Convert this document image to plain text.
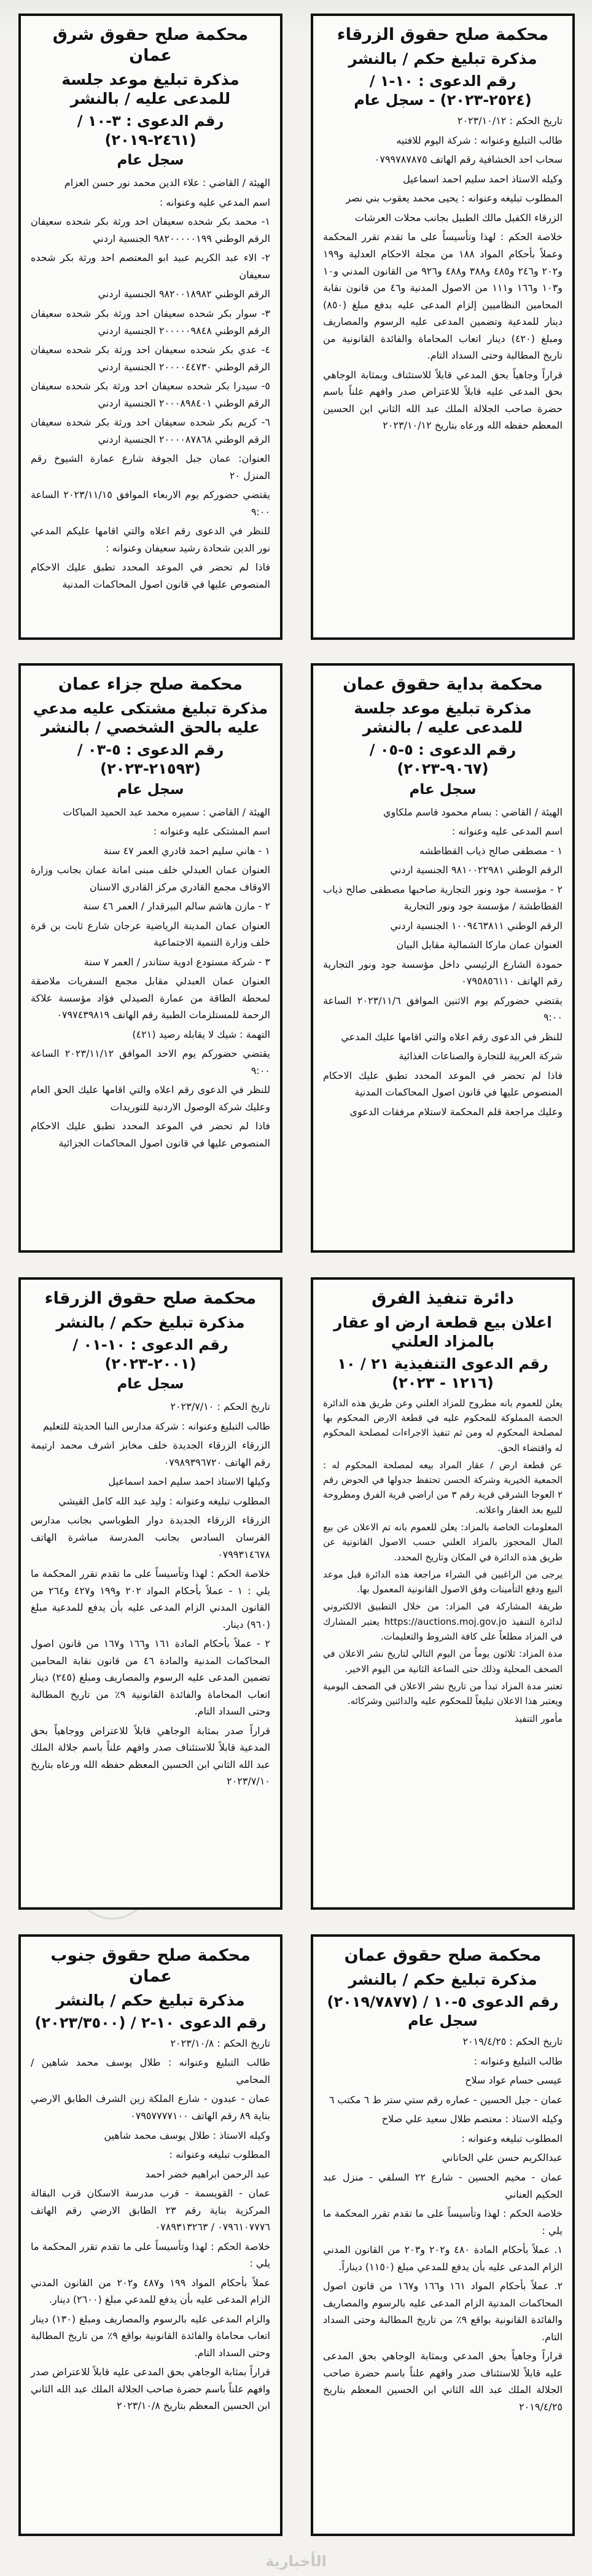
محكمة صلح حقوق الزرقاء
مذكرة تبليغ حكم / بالنشر
رقم الدعوى : ١٠-١ / (٢٥٢٤-٢٠٢٣) - سجل عام

تاريخ الحكم : ٢٠٢٣/١٠/١٢

طالب التبليغ وعنوانه : شركة اليوم للافتيه

سحاب احد الخشافية رقم الهاتف ٠٧٩٩٧٨٧٨٧٥

وكيله الاستاذ احمد سليم احمد اسماعيل

المطلوب تبليغه وعنوانه : يحيى محمد يعقوب بني نصر

الزرقاء الكفيل مالك الطبيل بجانب محلات العرشات

خلاصة الحكم : لهذا وتأسيساً على ما تقدم تقرر المحكمة وعملاً بأحكام المواد ١٨٨ من مجلة الاحكام العدلية و١٩٩ و٢٠٢ و٢٤٦ و٤٨٥ و٣٨٨ و٤٨٨ و٩٢٦ من القانون المدني و١٠ و١٠٣ و١٦٦ و١١١ من الاصول المدنية و٤٦ من قانون نقابة المحامين النظاميين إلزام المدعى عليه بدفع مبلغ (٨٥٠) دينار للمدعية وتضمين المدعى عليه الرسوم والمصاريف ومبلغ (٤٢٠) دينار اتعاب المحاماة والفائدة القانونية من تاريخ المطالبة وحتى السداد التام.

قراراً وجاهياً بحق المدعي قابلاً للاستئناف وبمثابة الوجاهي بحق المدعى عليه قابلاً للاعتراض صدر وافهم علناً باسم حضرة صاحب الجلالة الملك عبد الله الثاني ابن الحسين المعظم حفظه الله ورعاه بتاريخ ٢٠٢٣/١٠/١٢

محكمة صلح حقوق شرق عمان
مذكرة تبليغ موعد جلسة للمدعى عليه / بالنشر
رقم الدعوى : ٣-١٠ / (٢٤٦١-٢٠١٩)
سجل عام

الهيئة / القاضي : علاء الدين محمد نور حسن العزام

اسم المدعي عليه وعنوانه :

١- محمد بكر شحده سعيفان احد ورثة بكر شحده سعيفان الرقم الوطني ٩٨٢٠٠٠٠٠١٩٩ الجنسية اردني

٢- الاء عبد الكريم عبيد ابو المعتصم احد ورثة بكر شحده سعيفان

الرقم الوطني ٩٨٢٠٠١٨٩٨٢ الجنسية اردني

٣- سوار بكر شحده سعيفان احد ورثة بكر شحده سعيفان الرقم الوطني ٢٠٠٠٠٠٩٨٤٨ الجنسية اردني

٤- عدي بكر شحده سعيفان احد ورثة بكر شحده سعيفان الرقم الوطني ٢٠٠٠٠٤٤٧٣٠ الجنسية اردني

٥- سيدرا بكر شحده سعيفان احد ورثة بكر شحده سعيفان الرقم الوطني ٢٠٠٠٨٩٨٤٠١ الجنسية اردني

٦- كريم بكر شحده سعيفان احد ورثة بكر شحده سعيفان الرقم الوطني ٢٠٠٠٠٨٧٨٦٨ الجنسية اردني

العنوان: عمان جبل الجوفة شارع عمارة الشيوخ رقم المنزل ٢٠

يقتضي حضوركم يوم الاربعاء الموافق ٢٠٢٣/١١/١٥ الساعة ٩:٠٠

للنظر في الدعوى رقم اعلاه والتي اقامها عليكم المدعي نور الدين شحادة رشيد سعيفان وعنوانه :

فاذا لم تحضر في الموعد المحدد تطبق عليك الاحكام المنصوص عليها في قانون اصول المحاكمات المدنية

محكمة بداية حقوق عمان
مذكرة تبليغ موعد جلسة للمدعى عليه / بالنشر
رقم الدعوى : ٥-٠٥ / (٩٠٦٧-٢٠٢٣)
سجل عام

الهيئة / القاضي : بسام محمود قاسم ملكاوي

اسم المدعى عليه وعنوانه :

١ - مصطفى صالح ذياب القطاطشه

الرقم الوطني ٩٨١٠٠٢٢٩٨١ الجنسية اردني

٢ - مؤسسة جود ونور التجارية صاحبها مصطفى صالح ذياب القطاطشة / مؤسسة جود ونور التجارية

الرقم الوطني ١٠٠٩٤٦٣٨١١ الجنسية اردني

العنوان عمان ماركا الشمالية مقابل البيان

حمودة الشارع الرئيسي داخل مؤسسة جود ونور التجارية رقم الهاتف ٠٧٩٥٨٥٦١١٠

يقتضي حضوركم يوم الاثنين الموافق ٢٠٢٣/١١/٦ الساعة ٩:٠٠

للنظر في الدعوى رقم اعلاه والتي اقامها عليك المدعي

شركة العربية للتجارة والصناعات الغذائية

فاذا لم تحضر في الموعد المحدد تطبق عليك الاحكام المنصوص عليها في قانون اصول المحاكمات المدنية

وعليك مراجعة قلم المحكمة لاستلام مرفقات الدعوى

محكمة صلح جزاء عمان
مذكرة تبليغ مشتكى عليه مدعي عليه بالحق الشخصي / بالنشر
رقم الدعوى : ٥-٠٣ / (٢١٥٩٣-٢٠٢٣)
سجل عام

الهيئة / القاضي : سميره محمد عبد الحميد المباكات

اسم المشتكى عليه وعنوانه :

١ - هاني سليم احمد قادري العمر ٤٧ سنة

العنوان عمان العبدلي خلف مبنى امانة عمان بجانب وزارة الاوقاف مجمع القادري مركز القادري الاسنان

٢ - مازن هاشم سالم البيرقدار / العمر ٤٦ سنة

العنوان عمان المدينة الرياضية عرجان شارع ثابت بن قرة خلف وزارة التنمية الاجتماعية

٣ - شركة مستودع ادوية ستاندر / العمر ٧ سنة

العنوان عمان العبدلي مقابل مجمع السفريات ملاصقة لمحطة الطاقة من عمارة الصيدلي فؤاد مؤسسة علاكة الرحمة للمستلزمات الطبية رقم الهاتف ٠٧٩٧٤٣٩٨١٩

التهمة : شيك لا يقابله رصيد (٤٢١)

يقتضي حضوركم يوم الاحد الموافق ٢٠٢٣/١١/١٢ الساعة ٩:٠٠

للنظر في الدعوى رقم اعلاه والتي اقامها عليك الحق العام وعليك شركة الوصول الاردنية للتوريدات

فاذا لم تحضر في الموعد المحدد تطبق عليك الاحكام المنصوص عليها في قانون اصول المحاكمات الجزائية

دائرة تنفيذ الفرق
اعلان بيع قطعة ارض او عقار بالمزاد العلني
رقم الدعوى التنفيذية ٢١ / ١٠ (١٢١٦ - ٢٠٢٣)

يعلن للعموم بانه مطروح للمزاد العلني وعن طريق هذه الدائرة الحصة المملوكة للمحكوم عليه في قطعة الارض المحكوم بها لمصلحة المحكوم له ومن ثم تنفيذ الاجراءات لمصلحة المحكوم له واقتضاء الحق.

عن قطعة ارض / عقار المراد بيعه لمصلحة المحكوم له : الجمعية الخيرية وشركة الحسن تحتفظ جدولها في الحوض رقم ٢ العوجا الشرقي قرية رقم ٣ من اراضي قرية الفرق ومطروحة للبيع بعد العقار واعلانه.

المعلومات الخاصة بالمزاد: يعلن للعموم بانه تم الاعلان عن بيع المال المحجوز بالمزاد العلني حسب الاصول القانونية عن طريق هذه الدائرة في المكان وتاريخ المحدد.

يرجى من الراغبين في الشراء مراجعة هذه الدائرة قبل موعد البيع ودفع التأمينات وفق الاصول القانونية المعمول بها.

طريقة المشاركة في المزاد: من خلال التطبيق الالكتروني لدائرة التنفيذ https://auctions.moj.gov.jo يعتبر المشارك في المزاد مطلعاً على كافة الشروط والتعليمات.

مدة المزاد: ثلاثون يوماً من اليوم التالي لتاريخ نشر الاعلان في الصحف المحلية وذلك حتى الساعة الثانية من اليوم الاخير.

تعتبر مدة المزاد تبدأ من تاريخ نشر الاعلان في الصحف اليومية ويعتبر هذا الاعلان تبليغاً للمحكوم عليه والدائنين وشركائه.

مأمور التنفيذ

محكمة صلح حقوق الزرقاء
مذكرة تبليغ حكم / بالنشر
رقم الدعوى : ١٠-٠١ / (٢٠٠١-٢٠٢٣)
سجل عام

تاريخ الحكم : ٢٠٢٣/٧/١٠

طالب التبليغ وعنوانه : شركة مدارس النبا الحديثة للتعليم

الزرقاء الزرقاء الجديدة خلف مخابز اشرف محمد ارتيمة رقم الهاتف ٠٧٩٨٩٣٩٦٧٢٠

وكيلها الاستاذ احمد سليم احمد اسماعيل

المطلوب تبليغه وعنوانه : وليد عبد الله كامل القيشي

الزرقاء الزرقاء الجديدة دوار الطوباسي بجانب مدارس الفرسان السادس بجانب المدرسة مباشرة الهاتف ٠٧٩٩٣١٤٦٧٨

خلاصة الحكم : لهذا وتأسيساً على ما تقدم تقرر المحكمة ما يلي : ١ - عملاً بأحكام المواد ٢٠٢ و١٩٩ و٤٢٧ و٢٦٤ من القانون المدني الزام المدعى عليه بأن يدفع للمدعية مبلغ (٩٦٠) دينار.

٢ - عملاً بأحكام المادة ١٦١ و١٦٦ و١٦٧ من قانون اصول المحاكمات المدنية والمادة ٤٦ من قانون نقابة المحامين تضمين المدعى عليه الرسوم والمصاريف ومبلغ (٢٤٥) دينار اتعاب المحاماة والفائدة القانونية ٩٪ من تاريخ المطالبة وحتى السداد التام.

قراراً صدر بمثابة الوجاهي قابلاً للاعتراض ووجاهياً بحق المدعية قابلاً للاستئناف صدر وافهم علناً باسم جلالة الملك عبد الله الثاني ابن الحسين المعظم حفظه الله ورعاه بتاريخ ٢٠٢٣/٧/١٠

محكمة صلح حقوق عمان
مذكرة تبليغ حكم / بالنشر
رقم الدعوى ٥-١٠ / (٢٠١٩/٧٨٧٧) سجل عام

تاريخ الحكم : ٢٠١٩/٤/٢٥

طالب التبليغ وعنوانه :

عيسى حسام عواد سلاح

عمان - جبل الحسين - عماره رقم ستي ستر ط ٦ مكتب ٦

وكيله الاستاذ : معتصم طلال سعيد علي صلاح

المطلوب تبليغه وعنوانه :

عبدالكريم حسن علي الحاناني

عمان - مخيم الحسين - شارع ٢٢ السلفي - منزل عبد الحكيم العناني

خلاصة الحكم : لهذا وتأسيساً على ما تقدم تقرر المحكمة ما يلي :

١. عملاً بأحكام المادة ٤٨٠ و٢٠٢ و٢٠٣ من القانون المدني الزام المدعى عليه بأن يدفع للمدعي مبلغ (١١٥٠) ديناراً.

٢. عملاً بأحكام المواد ١٦١ و١٦٦ و١٦٧ من قانون اصول المحاكمات المدنية الزام المدعى عليه بالرسوم والمصاريف والفائدة القانونية بواقع ٩٪ من تاريخ المطالبة وحتى السداد التام.

قراراً وجاهياً بحق المدعي وبمثابة الوجاهي بحق المدعى عليه قابلاً للاستئناف صدر وافهم علناً باسم حضرة صاحب الجلالة الملك عبد الله الثاني ابن الحسين المعظم بتاريخ ٢٠١٩/٤/٢٥

محكمة صلح حقوق جنوب عمان
مذكرة تبليغ حكم / بالنشر
رقم الدعوى ١٠-٢ / (٢٠٢٣/٣٥٠٠)

تاريخ الحكم : ٢٠٢٣/١٠/٨

طالب التبليغ وعنوانه : طلال يوسف محمد شاهين / المحامي

عمان - عبدون - شارع الملكة زين الشرف الطابق الارضي بناية ٨٩ رقم الهاتف ٠٧٩٥٧٧٧٧١٠٠

وكيله الاستاذ : طلال يوسف محمد شاهين

المطلوب تبليغه وعنوانه :

عبد الرحمن ابراهيم خضر احمد

عمان - القويسمة - قرب مدرسة الاسكان قرب البقالة المركزية بناية رقم ٢٣ الطابق الارضي رقم الهاتف ٠٧٩٦١٠٧٧٧٦ / ٠٧٨٩٣١٣٢٦٣

خلاصة الحكم : لهذا وتأسيساً على ما تقدم تقرر المحكمة ما يلي :

عملاً بأحكام المواد ١٩٩ و٤٨٧ و٢٠٢ من القانون المدني الزام المدعى عليه بأن يدفع للمدعي مبلغ (٢٦٠٠) دينار.

والزام المدعى عليه بالرسوم والمصاريف ومبلغ (١٣٠) دينار اتعاب محاماة والفائدة القانونية بواقع ٩٪ من تاريخ المطالبة وحتى السداد التام.

قراراً بمثابة الوجاهي بحق المدعى عليه قابلاً للاعتراض صدر وافهم علناً باسم حضرة صاحب الجلالة الملك عبد الله الثاني ابن الحسين المعظم بتاريخ ٢٠٢٣/١٠/٨

الأخبارية
